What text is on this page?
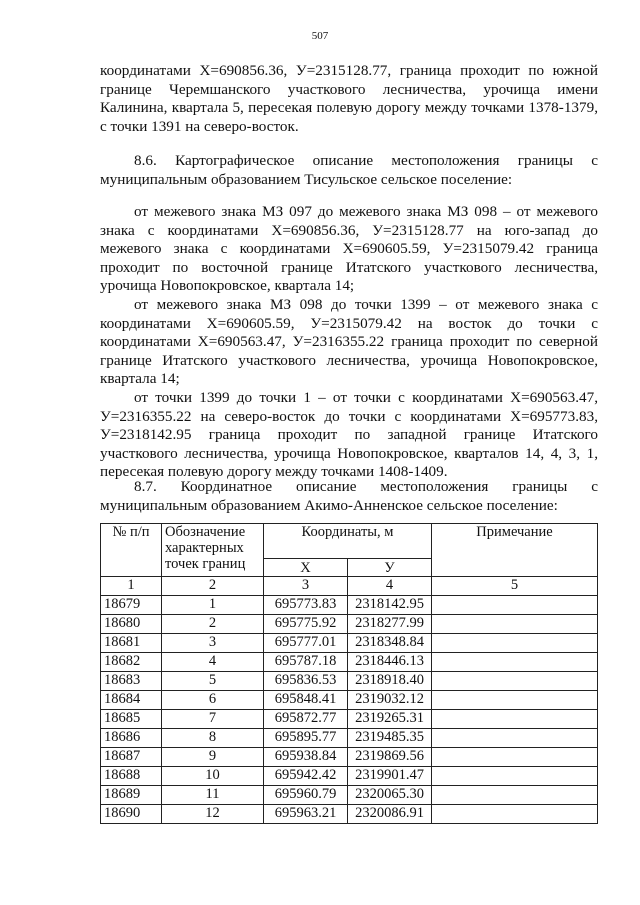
507

координатами Х=690856.36, У=2315128.77, граница проходит по южной границе Черемшанского участкового лесничества, урочища имени Калинина, квартала 5, пересекая полевую дорогу между точками 1378-1379, с точки 1391 на северо-восток.

8.6. Картографическое описание местоположения границы с

муниципальным образованием Тисульское сельское поселение:

от межевого знака МЗ 097 до межевого знака МЗ 098 – от межевого знака с координатами Х=690856.36, У=2315128.77 на юго-запад до межевого знака с координатами Х=690605.59, У=2315079.42 граница проходит по восточной границе Итатского участкового лесничества, урочища Новопокровское, квартала 14;

от межевого знака МЗ 098 до точки 1399 – от межевого знака с координатами Х=690605.59, У=2315079.42 на восток до точки с координатами Х=690563.47, У=2316355.22 граница проходит по северной границе Итатского участкового лесничества, урочища Новопокровское, квартала 14;

от точки 1399 до точки 1 – от точки с координатами Х=690563.47, У=2316355.22 на северо-восток до точки с координатами Х=695773.83, У=2318142.95 граница проходит по западной границе Итатского участкового лесничества, урочища Новопокровское, кварталов 14, 4, 3, 1, пересекая полевую дорогу между точками 1408-1409.

8.7. Координатное описание местоположения границы с

муниципальным образованием Акимо-Анненское сельское поселение:

№ п/п	Обозначение характерных точек границ	Координаты, м		Примечание
		Х	У	
1	2	3	4	5
18679	1	695773.83	2318142.95	
18680	2	695775.92	2318277.99	
18681	3	695777.01	2318348.84	
18682	4	695787.18	2318446.13	
18683	5	695836.53	2318918.40	
18684	6	695848.41	2319032.12	
18685	7	695872.77	2319265.31	
18686	8	695895.77	2319485.35	
18687	9	695938.84	2319869.56	
18688	10	695942.42	2319901.47	
18689	11	695960.79	2320065.30	
18690	12	695963.21	2320086.91	
